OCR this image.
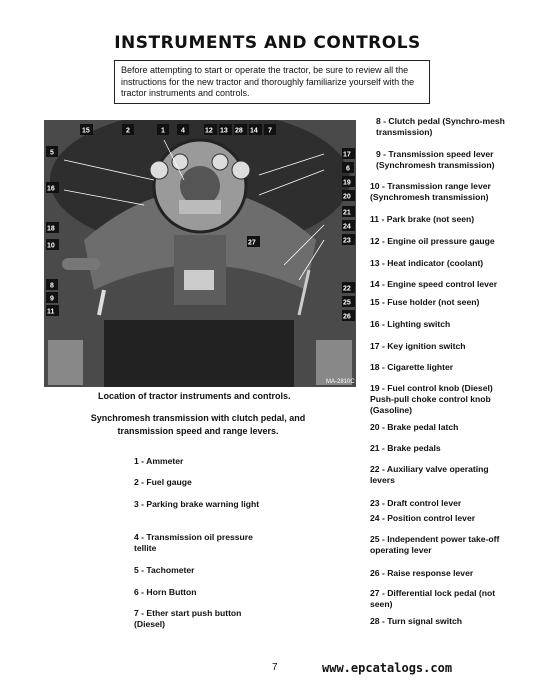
INSTRUMENTS AND CONTROLS
Before attempting to start or operate the tractor, be sure to review all the instructions for the new tractor and thoroughly familiarize yourself with the tractor instruments and controls.
15	2	1 4	12 13 28 14 7
5
16
18
10
8
9
11
17
6
19
20
21
24
23
27
22
25
26
MA-2810C
Location of tractor instruments and controls.
Synchromesh transmission with clutch pedal, and transmission speed and range levers.
1 - Ammeter
2 - Fuel gauge
3 - Parking brake warning light
4 - Transmission oil pressure tellite
5 - Tachometer
6 - Horn Button
7 - Ether start push button (Diesel)
8 - Clutch pedal (Synchro-mesh transmission)
9 - Transmission speed lever (Synchromesh transmission)
10 - Transmission range lever (Synchromesh transmission)
11 - Park brake (not seen)
12 - Engine oil pressure gauge
13 - Heat indicator (coolant)
14 - Engine speed control lever
15 - Fuse holder (not seen)
16 - Lighting switch
17 - Key ignition switch
18 - Cigarette lighter
19 - Fuel control knob (Diesel) Push-pull choke control knob (Gasoline)
20 - Brake pedal latch
21 - Brake pedals
22 - Auxiliary valve operating levers
23 - Draft control lever
24 - Position control lever
25 - Independent power take-off operating lever
26 - Raise response lever
27 - Differential lock pedal (not seen)
28 - Turn signal switch
7	www.epcatalogs.com
